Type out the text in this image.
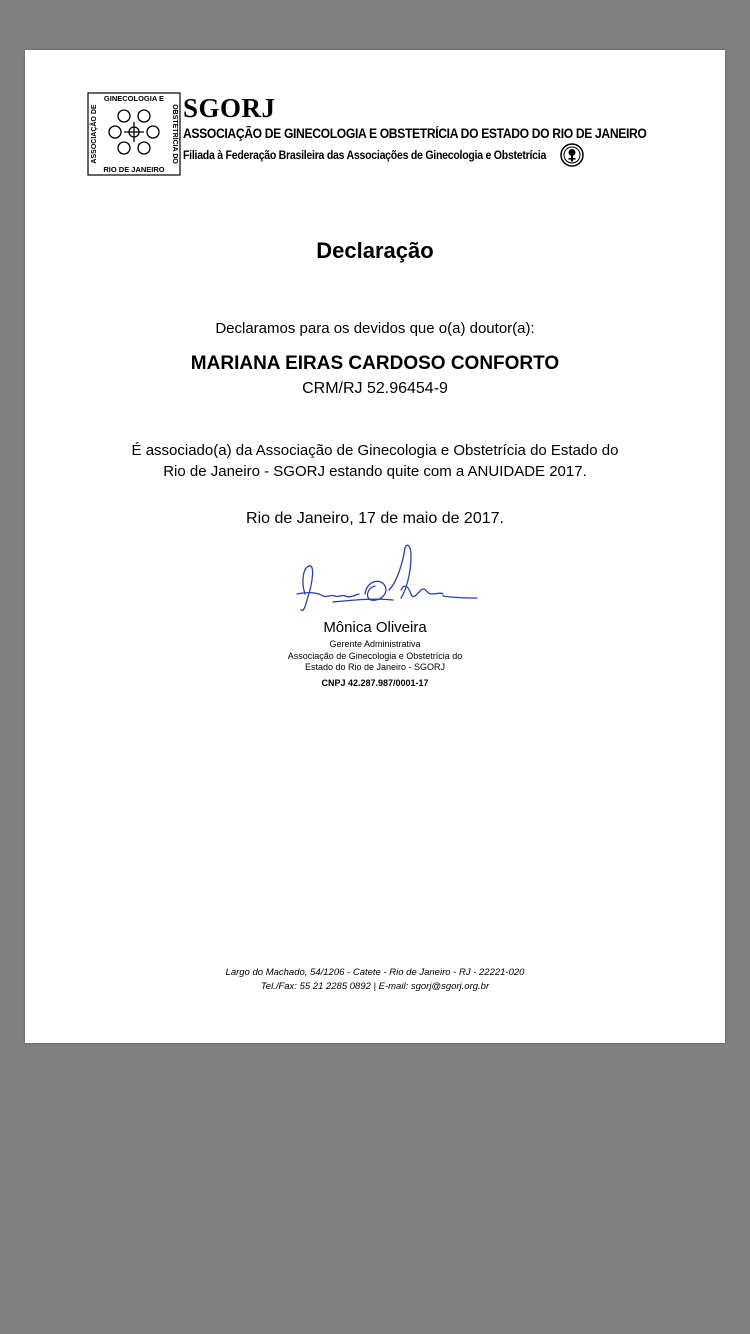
GINECOLOGIA E
RIO DE JANEIRO
ASSOCIAÇÃO DE	OBSTETRÍCIA DO SGORJ
ASSOCIAÇÃO DE GINECOLOGIA E OBSTETRÍCIA DO ESTADO DO RIO DE JANEIRO
Filiada à Federação Brasileira das Associações de Ginecologia e Obstetrícia
Declaração
Declaramos para os devidos que o(a) doutor(a):
MARIANA EIRAS CARDOSO CONFORTO
CRM/RJ 52.96454-9
É associado(a) da Associação de Ginecologia e Obstetrícia do Estado do
Rio de Janeiro - SGORJ estando quite com a ANUIDADE 2017.
Rio de Janeiro, 17 de maio de 2017.
Mônica Oliveira
Gerente Administrativa
Associação de Ginecologia e Obstetrícia do
Estado do Rio de Janeiro - SGORJ
CNPJ 42.287.987/0001-17
Largo do Machado, 54/1206 - Catete - Rio de Janeiro - RJ - 22221-020
Tel./Fax: 55 21 2285 0892 | E-mail: sgorj@sgorj.org.br
